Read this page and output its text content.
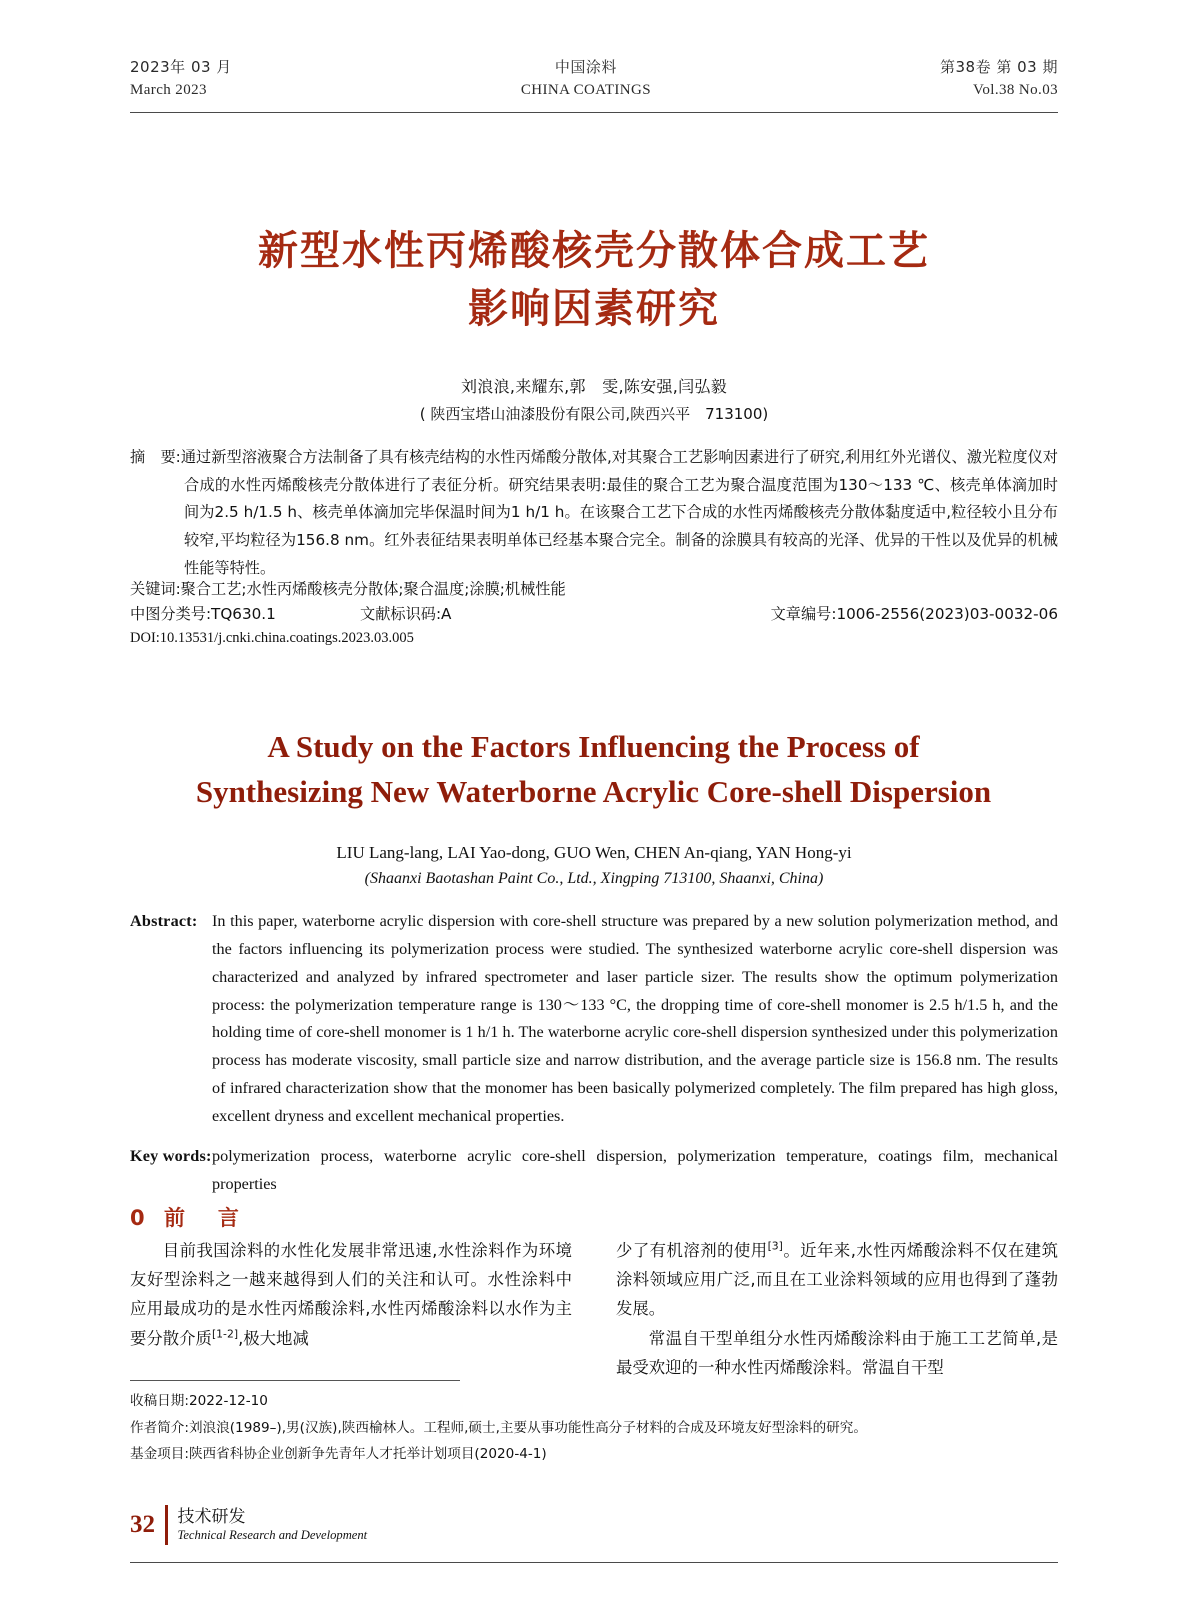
2023年 03 月
March 2023
中国涂料
CHINA COATINGS
第38卷 第 03 期
Vol.38 No.03
新型水性丙烯酸核壳分散体合成工艺
影响因素研究
刘浪浪,来耀东,郭　雯,陈安强,闫弘毅
( 陕西宝塔山油漆股份有限公司,陕西兴平　713100)
摘　要:通过新型溶液聚合方法制备了具有核壳结构的水性丙烯酸分散体,对其聚合工艺影响因素进行了研究,利用红外光谱仪、激光粒度仪对合成的水性丙烯酸核壳分散体进行了表征分析。研究结果表明:最佳的聚合工艺为聚合温度范围为130～133 ℃、核壳单体滴加时间为2.5 h/1.5 h、核壳单体滴加完毕保温时间为1 h/1 h。在该聚合工艺下合成的水性丙烯酸核壳分散体黏度适中,粒径较小且分布较窄,平均粒径为156.8 nm。红外表征结果表明单体已经基本聚合完全。制备的涂膜具有较高的光泽、优异的干性以及优异的机械性能等特性。
关键词:聚合工艺;水性丙烯酸核壳分散体;聚合温度;涂膜;机械性能
中图分类号:TQ630.1	文献标识码:A	文章编号:1006-2556(2023)03-0032-06
DOI:10.13531/j.cnki.china.coatings.2023.03.005
A Study on the Factors Influencing the Process of
Synthesizing New Waterborne Acrylic Core-shell Dispersion
LIU Lang-lang, LAI Yao-dong, GUO Wen, CHEN An-qiang, YAN Hong-yi
(Shaanxi Baotashan Paint Co., Ltd., Xingping 713100, Shaanxi, China)
Abstract: In this paper, waterborne acrylic dispersion with core-shell structure was prepared by a new solution polymerization method, and the factors influencing its polymerization process were studied. The synthesized waterborne acrylic core-shell dispersion was characterized and analyzed by infrared spectrometer and laser particle sizer. The results show the optimum polymerization process: the polymerization temperature range is 130～133 °C, the dropping time of core-shell monomer is 2.5 h/1.5 h, and the holding time of core-shell monomer is 1 h/1 h. The waterborne acrylic core-shell dispersion synthesized under this polymerization process has moderate viscosity, small particle size and narrow distribution, and the average particle size is 156.8 nm. The results of infrared characterization show that the monomer has been basically polymerized completely. The film prepared has high gloss, excellent dryness and excellent mechanical properties.
Key words: polymerization process, waterborne acrylic core-shell dispersion, polymerization temperature, coatings film, mechanical properties
0 前　言

目前我国涂料的水性化发展非常迅速,水性涂料作为环境友好型涂料之一越来越得到人们的关注和认可。水性涂料中应用最成功的是水性丙烯酸涂料,水性丙烯酸涂料以水作为主要分散介质[1-2],极大地减

少了有机溶剂的使用[3]。近年来,水性丙烯酸涂料不仅在建筑涂料领域应用广泛,而且在工业涂料领域的应用也得到了蓬勃发展。

常温自干型单组分水性丙烯酸涂料由于施工工艺简单,是最受欢迎的一种水性丙烯酸涂料。常温自干型

收稿日期:2022-12-10
作者简介:刘浪浪(1989–),男(汉族),陕西榆林人。工程师,硕士,主要从事功能性高分子材料的合成及环境友好型涂料的研究。
基金项目:陕西省科协企业创新争先青年人才托举计划项目(2020-4-1)
32 技术研发
Technical Research and Development
